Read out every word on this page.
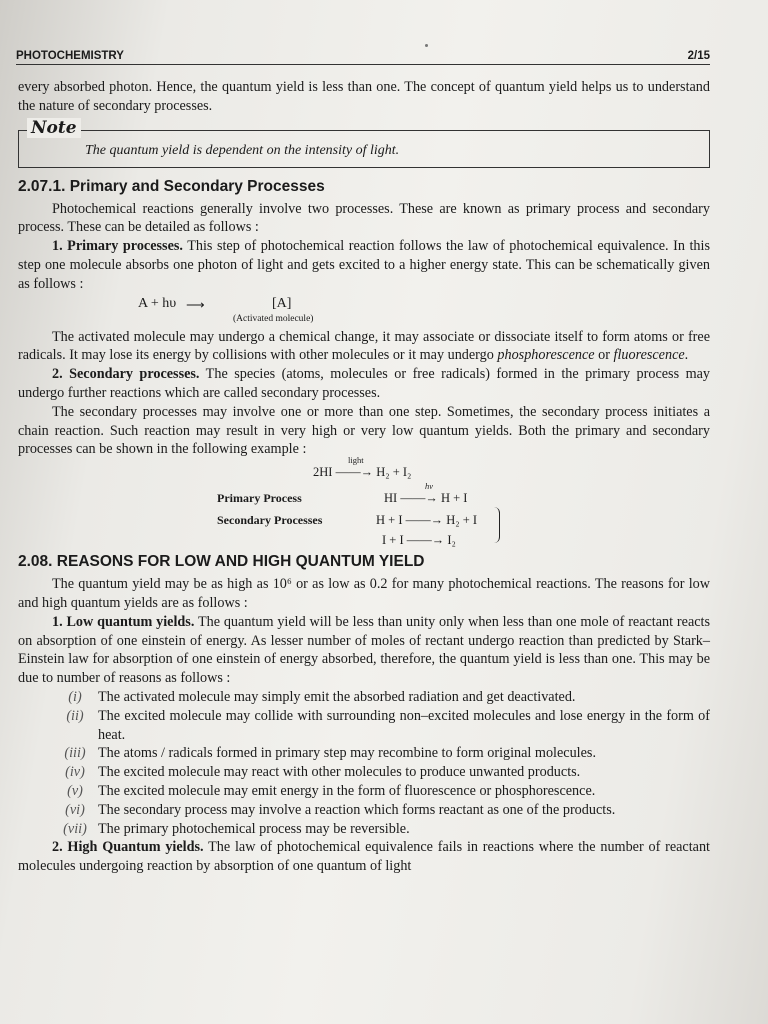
PHOTOCHEMISTRY	2/15

every absorbed photon. Hence, the quantum yield is less than one. The concept of quantum yield helps us to understand the nature of secondary processes.

Note
The quantum yield is dependent on the intensity of light.
2.07.1. Primary and Secondary Processes

Photochemical reactions generally involve two processes. These are known as primary process and secondary process. These can be detailed as follows :

1. Primary processes. This step of photochemical reaction follows the law of photochemical equivalence. In this step one molecule absorbs one photon of light and gets excited to a higher energy state. This can be schematically given as follows :

A + hυ ⟶	[A]
(Activated molecule)

The activated molecule may undergo a chemical change, it may associate or dissociate itself to form atoms or free radicals. It may lose its energy by collisions with other molecules or it may undergo phosphorescence or fluorescence.

2. Secondary processes. The species (atoms, molecules or free radicals) formed in the primary process may undergo further reactions which are called secondary processes.

The secondary processes may involve one or more than one step. Sometimes, the secondary process initiates a chain reaction. Such reaction may result in very high or very low quantum yields. Both the primary and secondary processes can be shown in the following example :

light
2HI ——→ H₂ + I₂
Primary Process
hν
HI ——→ H + I
Secondary Processes	H + I ——→ H₂ + I
I + I ——→ I₂
2.08. REASONS FOR LOW AND HIGH QUANTUM YIELD

The quantum yield may be as high as 10⁶ or as low as 0.2 for many photochemical reactions. The reasons for low and high quantum yields are as follows :

1. Low quantum yields. The quantum yield will be less than unity only when less than one mole of reactant reacts on absorption of one einstein of energy. As lesser number of moles of rectant undergo reaction than predicted by Stark–Einstein law for absorption of one einstein of energy absorbed, therefore, the quantum yield is less than one. This may be due to number of reasons as follows :

(i)	The activated molecule may simply emit the absorbed radiation and get deactivated.
(ii)	The excited molecule may collide with surrounding non–excited molecules and lose energy in the form of heat.
(iii) The atoms / radicals formed in primary step may recombine to form original molecules.
(iv) The excited molecule may react with other molecules to produce unwanted products.
(v)	The excited molecule may emit energy in the form of fluorescence or phosphorescence.
(vi) The secondary process may involve a reaction which forms reactant as one of the products.
(vii) The primary photochemical process may be reversible.

2. High Quantum yields. The law of photochemical equivalence fails in reactions where the number of reactant molecules undergoing reaction by absorption of one quantum of light
